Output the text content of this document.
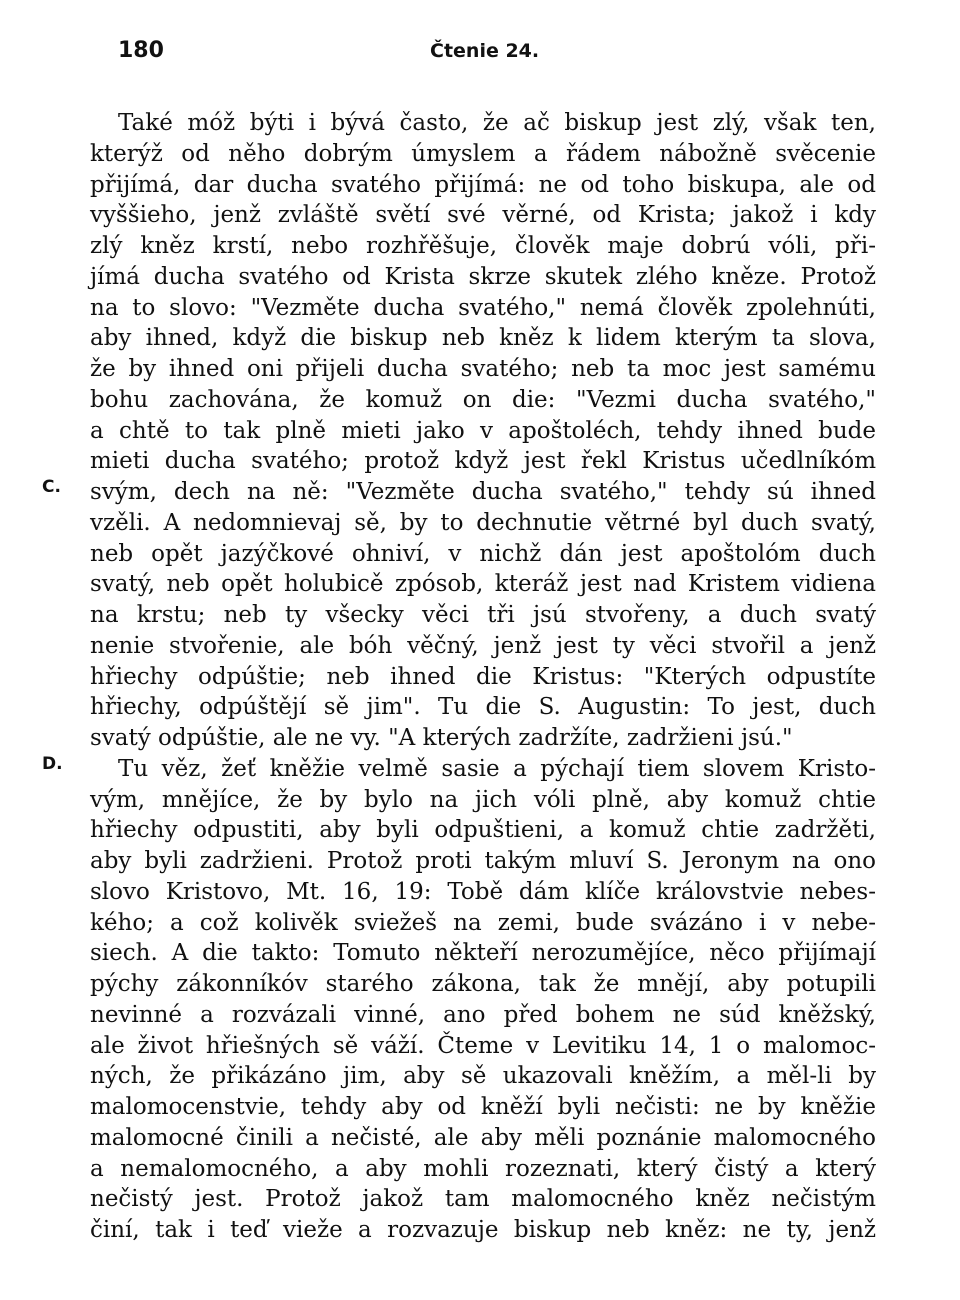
180	Čtenie 24.
Také móž býti i bývá často, že ač biskup jest zlý, však ten,
kterýž od něho dobrým úmyslem a řádem nábožně svěcenie
přijímá, dar ducha svatého přijímá: ne od toho biskupa, ale od
vyššieho, jenž zvláště světí své věrné, od Krista; jakož i kdy
zlý kněz krstí, nebo rozhřěšuje, člověk maje dobrú vóli, při-
jímá ducha svatého od Krista skrze skutek zlého kněze. Protož
na to slovo: "Vezměte ducha svatého," nemá člověk zpolehnúti,
aby ihned, když die biskup neb kněz k lidem kterým ta slova,
že by ihned oni přijeli ducha svatého; neb ta moc jest samému
bohu zachována, že komuž on die: "Vezmi ducha svatého,"
a chtě to tak plně mieti jako v apoštoléch, tehdy ihned bude
mieti ducha svatého; protož když jest řekl Kristus učedlníkóm
C. svým, dech na ně: "Vezměte ducha svatého," tehdy sú ihned
vzěli. A nedomnievaj sě, by to dechnutie větrné byl duch svatý,
neb opět jazýčkové ohniví, v nichž dán jest apoštolóm duch
svatý, neb opět holubicě zpósob, kteráž jest nad Kristem vidiena
na krstu; neb ty všecky věci tři jsú stvořeny, a duch svatý
nenie stvořenie, ale bóh věčný, jenž jest ty věci stvořil a jenž
hřiechy odpúštie; neb ihned die Kristus: "Kterých odpustíte
hřiechy, odpúštějí sě jim". Tu die S. Augustin: To jest, duch
svatý odpúštie, ale ne vy. "A kterých zadržíte, zadržieni jsú."
D.	Tu věz, žeť kněžie velmě sasie a pýchají tiem slovem Kristo-
vým, mnějíce, že by bylo na jich vóli plně, aby komuž chtie
hřiechy odpustiti, aby byli odpuštieni, a komuž chtie zadržěti,
aby byli zadržieni. Protož proti takým mluví S. Jeronym na ono
slovo Kristovo, Mt. 16, 19: Tobě dám klíče královstvie nebes-
kého; a což kolivěk sviežeš na zemi, bude svázáno i v nebe-
siech. A die takto: Tomuto někteří nerozumějíce, něco přijímají
pýchy zákonníkóv starého zákona, tak že mnějí, aby potupili
nevinné a rozvázali vinné, ano před bohem ne súd kněžský,
ale život hřiešných sě váží. Čteme v Levitiku 14, 1 o malomoc-
ných, že přikázáno jim, aby sě ukazovali kněžím, a měl-li by
malomocenstvie, tehdy aby od kněží byli nečisti: ne by kněžie
malomocné činili a nečisté, ale aby měli poznánie malomocného
a nemalomocného, a aby mohli rozeznati, který čistý a který
nečistý jest. Protož jakož tam malomocného kněz nečistým
činí, tak i teď vieže a rozvazuje biskup neb kněz: ne ty, jenž
